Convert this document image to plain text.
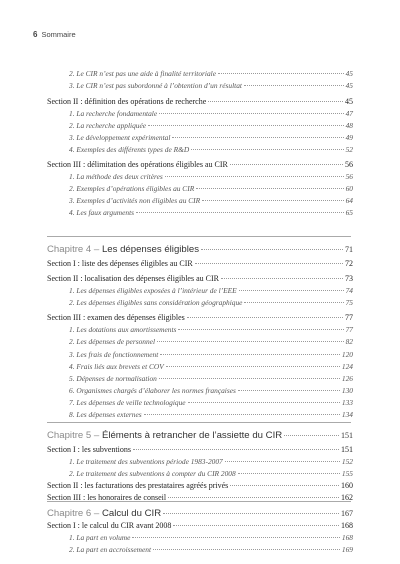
6 Sommaire
2. Le CIR n’est pas une aide à finalité territoriale	45
3. Le CIR n’est pas subordonné à l’obtention d’un résultat	45
Section II : définition des opérations de recherche	45
1. La recherche fondamentale	47
2. La recherche appliquée	48
3. Le développement expérimental	49
4. Exemples des différents types de R&D	52
Section III : délimitation des opérations éligibles au CIR	56
1. La méthode des deux critères	56
2. Exemples d’opérations éligibles au CIR	60
3. Exemples d’activités non éligibles au CIR	64
4. Les faux arguments	65
Chapitre 4 – Les dépenses éligibles	71
Section I : liste des dépenses éligibles au CIR	72
Section II : localisation des dépenses éligibles au CIR	73
1. Les dépenses éligibles exposées à l’intérieur de l’EEE	74
2. Les dépenses éligibles sans considération géographique	75
Section III : examen des dépenses éligibles	77
1. Les dotations aux amortissements	77
2. Les dépenses de personnel	82
3. Les frais de fonctionnement	120
4. Frais liés aux brevets et COV	124
5. Dépenses de normalisation	126
6. Organismes chargés d’élaborer les normes françaises	130
7. Les dépenses de veille technologique	133
8. Les dépenses externes	134
Chapitre 5 – Éléments à retrancher de l’assiette du CIR	151
Section I : les subventions	151
1. Le traitement des subventions période 1983-2007	152
2. Le traitement des subventions à compter du CIR 2008	155
Section II : les facturations des prestataires agréés privés	160
Section III : les honoraires de conseil	162
Chapitre 6 – Calcul du CIR	167
Section I : le calcul du CIR avant 2008	168
1. La part en volume	168
2. La part en accroissement	169
